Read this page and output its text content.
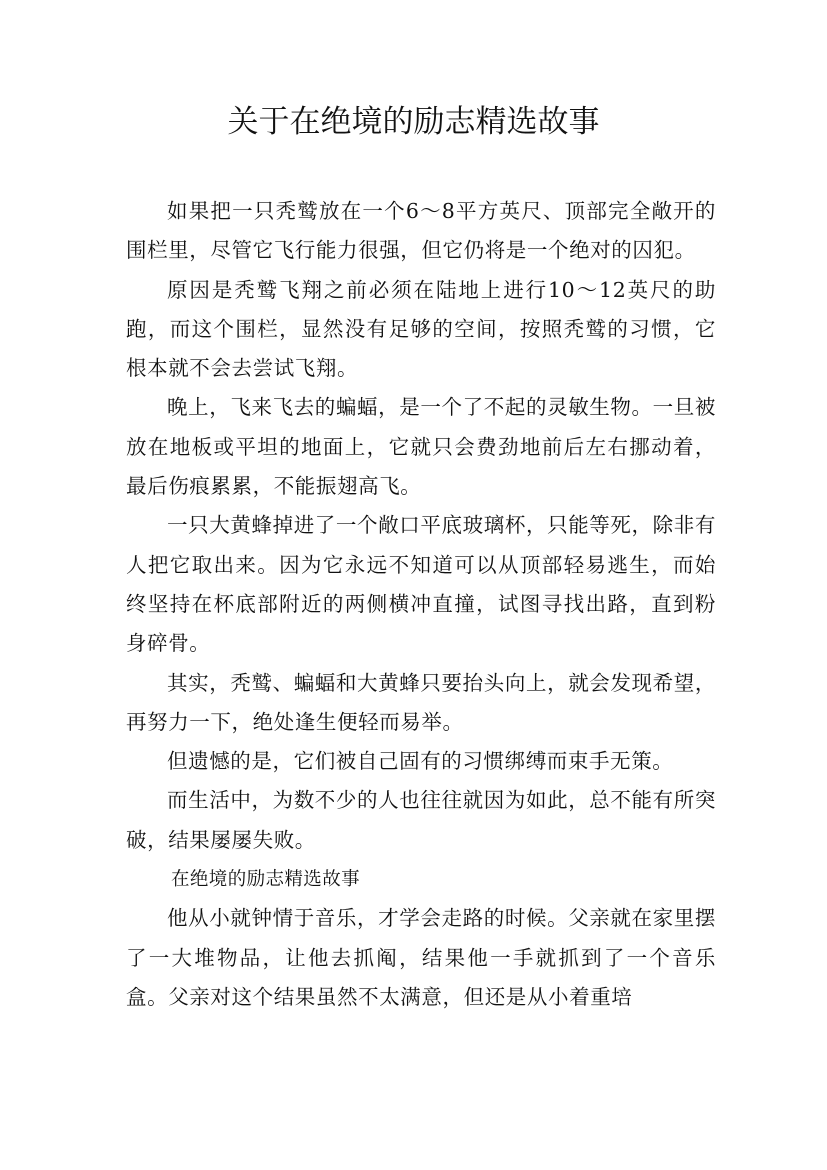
关于在绝境的励志精选故事

如果把一只秃鹫放在一个6～8平方英尺、顶部完全敞开的围栏里，尽管它飞行能力很强，但它仍将是一个绝对的囚犯。

原因是秃鹫飞翔之前必须在陆地上进行10～12英尺的助跑，而这个围栏，显然没有足够的空间，按照秃鹫的习惯，它根本就不会去尝试飞翔。

晚上，飞来飞去的蝙蝠，是一个了不起的灵敏生物。一旦被放在地板或平坦的地面上，它就只会费劲地前后左右挪动着，最后伤痕累累，不能振翅高飞。

一只大黄蜂掉进了一个敞口平底玻璃杯，只能等死，除非有人把它取出来。因为它永远不知道可以从顶部轻易逃生，而始终坚持在杯底部附近的两侧横冲直撞，试图寻找出路，直到粉身碎骨。

其实，秃鹫、蝙蝠和大黄蜂只要抬头向上，就会发现希望，再努力一下，绝处逢生便轻而易举。

但遗憾的是，它们被自己固有的习惯绑缚而束手无策。

而生活中，为数不少的人也往往就因为如此，总不能有所突破，结果屡屡失败。

在绝境的励志精选故事

他从小就钟情于音乐，才学会走路的时候。父亲就在家里摆了一大堆物品，让他去抓阄，结果他一手就抓到了一个音乐盒。父亲对这个结果虽然不太满意，但还是从小着重培
